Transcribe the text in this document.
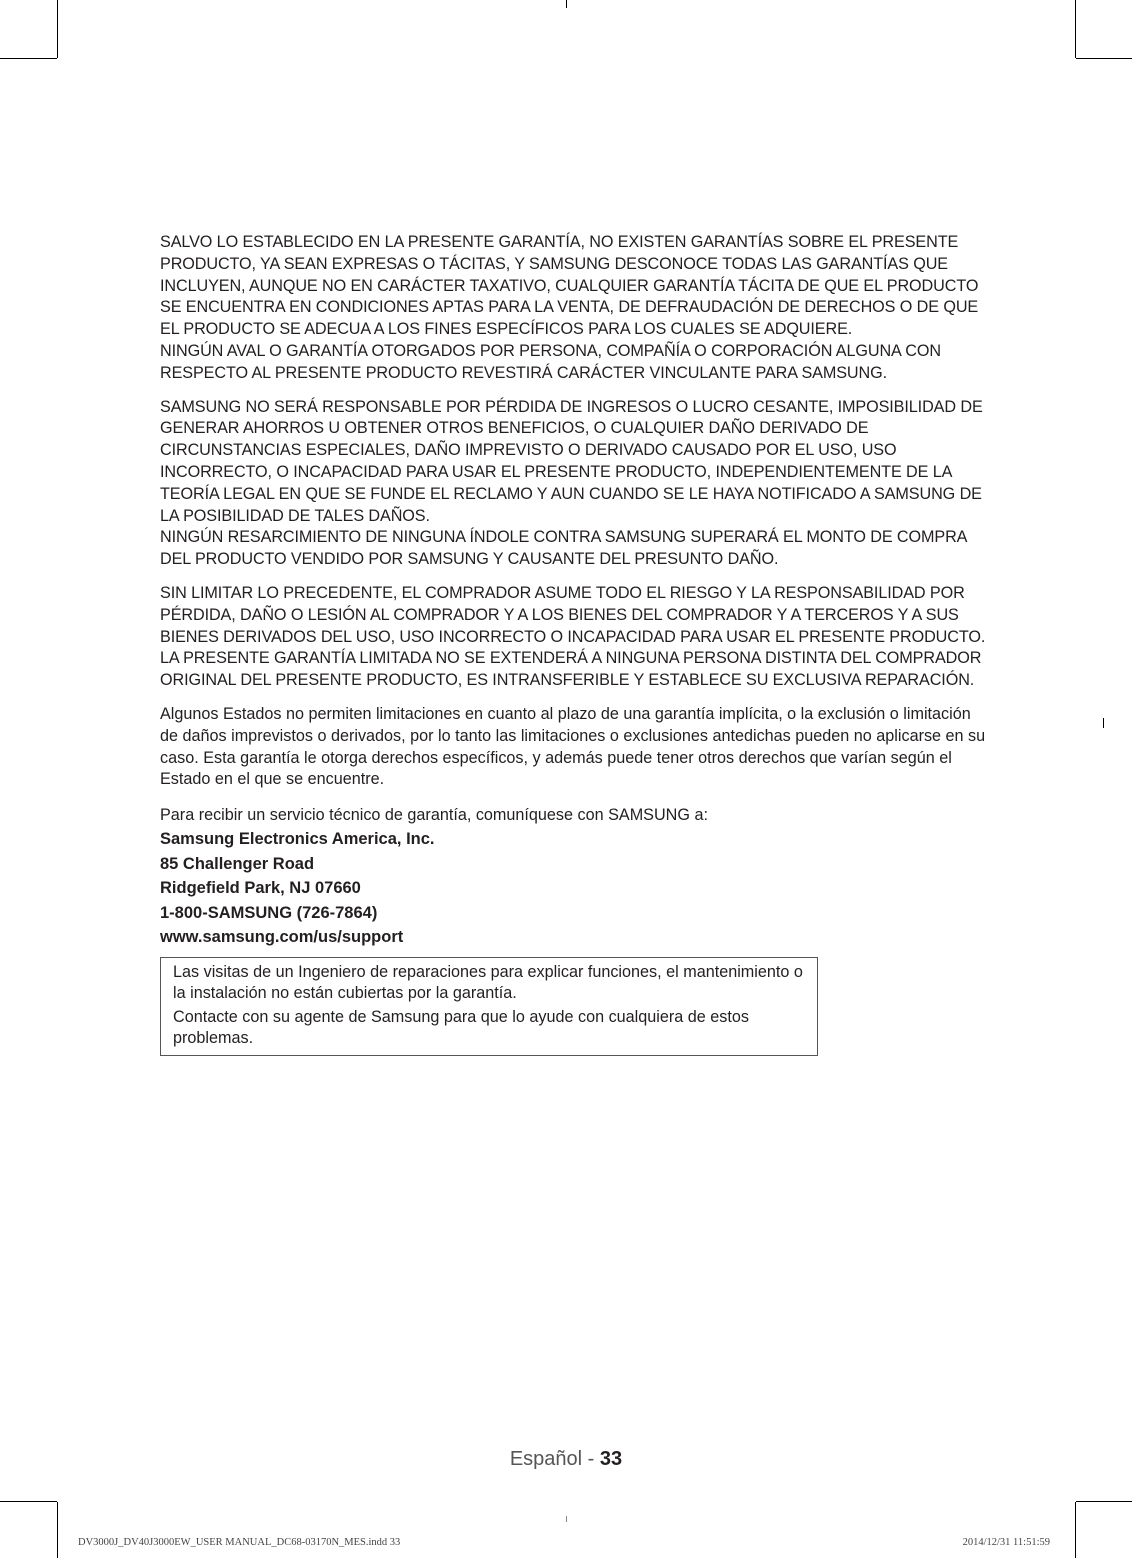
SALVO LO ESTABLECIDO EN LA PRESENTE GARANTÍA, NO EXISTEN GARANTÍAS SOBRE EL PRESENTE PRODUCTO, YA SEAN EXPRESAS O TÁCITAS, Y SAMSUNG DESCONOCE TODAS LAS GARANTÍAS QUE INCLUYEN, AUNQUE NO EN CARÁCTER TAXATIVO, CUALQUIER GARANTÍA TÁCITA DE QUE EL PRODUCTO SE ENCUENTRA EN CONDICIONES APTAS PARA LA VENTA, DE DEFRAUDACIÓN DE DERECHOS O DE QUE EL PRODUCTO SE ADECUA A LOS FINES ESPECÍFICOS PARA LOS CUALES SE ADQUIERE.

NINGÚN AVAL O GARANTÍA OTORGADOS POR PERSONA, COMPAÑÍA O CORPORACIÓN ALGUNA CON RESPECTO AL PRESENTE PRODUCTO REVESTIRÁ CARÁCTER VINCULANTE PARA SAMSUNG.

SAMSUNG NO SERÁ RESPONSABLE POR PÉRDIDA DE INGRESOS O LUCRO CESANTE, IMPOSIBILIDAD DE GENERAR AHORROS U OBTENER OTROS BENEFICIOS, O CUALQUIER DAÑO DERIVADO DE CIRCUNSTANCIAS ESPECIALES, DAÑO IMPREVISTO O DERIVADO CAUSADO POR EL USO, USO INCORRECTO, O INCAPACIDAD PARA USAR EL PRESENTE PRODUCTO, INDEPENDIENTEMENTE DE LA TEORÍA LEGAL EN QUE SE FUNDE EL RECLAMO Y AUN CUANDO SE LE HAYA NOTIFICADO A SAMSUNG DE LA POSIBILIDAD DE TALES DAÑOS.

NINGÚN RESARCIMIENTO DE NINGUNA ÍNDOLE CONTRA SAMSUNG SUPERARÁ EL MONTO DE COMPRA DEL PRODUCTO VENDIDO POR SAMSUNG Y CAUSANTE DEL PRESUNTO DAÑO.

SIN LIMITAR LO PRECEDENTE, EL COMPRADOR ASUME TODO EL RIESGO Y LA RESPONSABILIDAD POR PÉRDIDA, DAÑO O LESIÓN AL COMPRADOR Y A LOS BIENES DEL COMPRADOR Y A TERCEROS Y A SUS BIENES DERIVADOS DEL USO, USO INCORRECTO O INCAPACIDAD PARA USAR EL PRESENTE PRODUCTO.

LA PRESENTE GARANTÍA LIMITADA NO SE EXTENDERÁ A NINGUNA PERSONA DISTINTA DEL COMPRADOR ORIGINAL DEL PRESENTE PRODUCTO, ES INTRANSFERIBLE Y ESTABLECE SU EXCLUSIVA REPARACIÓN.

Algunos Estados no permiten limitaciones en cuanto al plazo de una garantía implícita, o la exclusión o limitación de daños imprevistos o derivados, por lo tanto las limitaciones o exclusiones antedichas pueden no aplicarse en su caso. Esta garantía le otorga derechos específicos, y además puede tener otros derechos que varían según el Estado en el que se encuentre.

Para recibir un servicio técnico de garantía, comuníquese con SAMSUNG a:

Samsung Electronics America, Inc.

85 Challenger Road

Ridgefield Park, NJ 07660

1-800-SAMSUNG (726-7864)

www.samsung.com/us/support

Las visitas de un Ingeniero de reparaciones para explicar funciones, el mantenimiento o la instalación no están cubiertas por la garantía.

Contacte con su agente de Samsung para que lo ayude con cualquiera de estos problemas.

Español - 33
DV3000J_DV40J3000EW_USER MANUAL_DC68-03170N_MES.indd 33	2014/12/31 11:51:59
